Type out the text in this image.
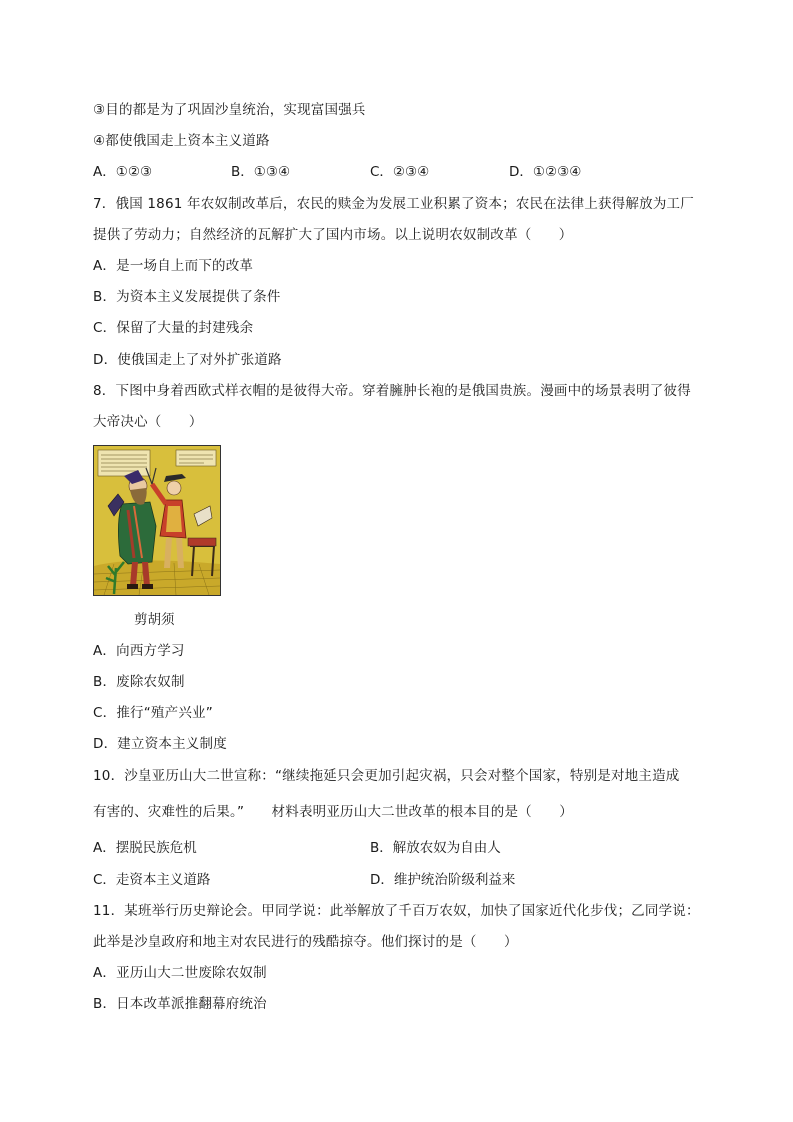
③目的都是为了巩固沙皇统治，实现富国强兵
④都使俄国走上资本主义道路
A．①②③	B．①③④	C．②③④	D．①②③④
7．俄国 1861 年农奴制改革后，农民的赎金为发展工业积累了资本；农民在法律上获得解放为工厂
提供了劳动力；自然经济的瓦解扩大了国内市场。以上说明农奴制改革（　　）
A．是一场自上而下的改革
B．为资本主义发展提供了条件
C．保留了大量的封建残余
D．使俄国走上了对外扩张道路
8．下图中身着西欧式样衣帽的是彼得大帝。穿着臃肿长袍的是俄国贵族。漫画中的场景表明了彼得
大帝决心（　　）
剪胡须
A．向西方学习
B．废除农奴制
C．推行“殖产兴业”
D．建立资本主义制度
10．沙皇亚历山大二世宣称：“继续拖延只会更加引起灾祸，只会对整个国家，特别是对地主造成
有害的、灾难性的后果。”　　材料表明亚历山大二世改革的根本目的是（　　）
A．摆脱民族危机	B．解放农奴为自由人
C．走资本主义道路	D．维护统治阶级利益来
11．某班举行历史辩论会。甲同学说：此举解放了千百万农奴，加快了国家近代化步伐；乙同学说：
此举是沙皇政府和地主对农民进行的残酷掠夺。他们探讨的是（　　）
A．亚历山大二世废除农奴制
B．日本改革派推翻幕府统治
